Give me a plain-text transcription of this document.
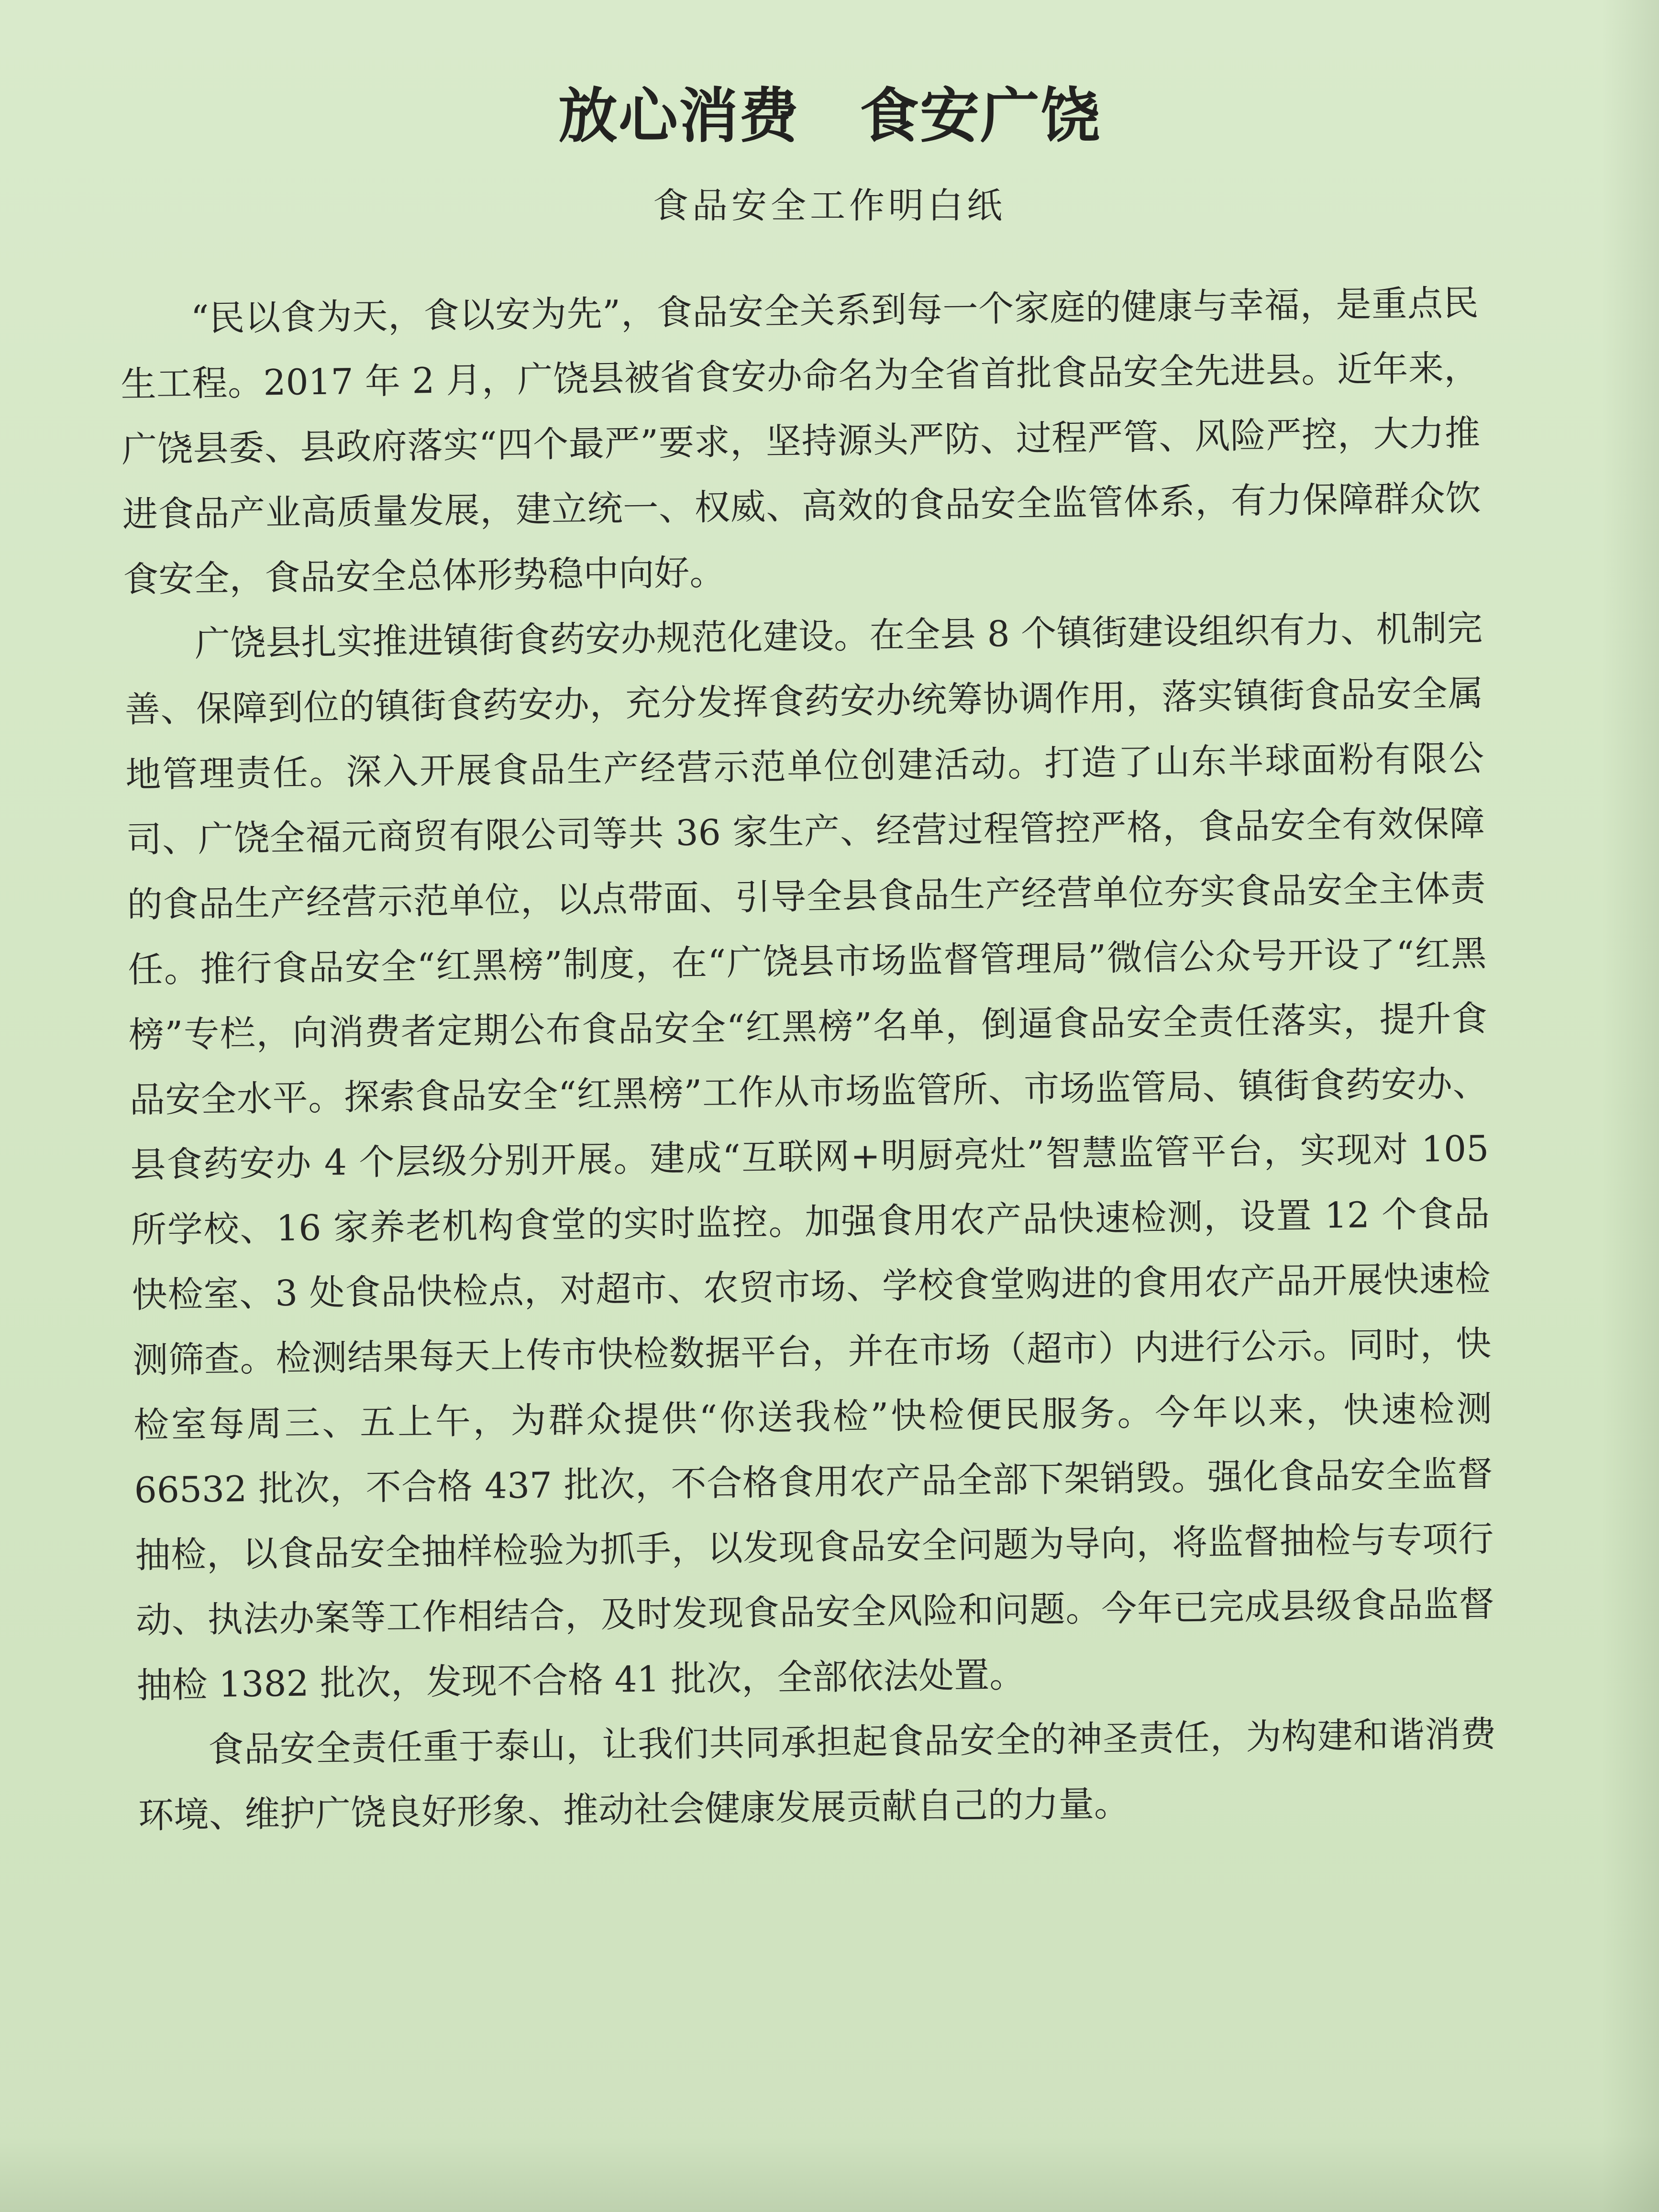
放心消费　食安广饶
食品安全工作明白纸

“民以食为天，食以安为先”，食品安全关系到每一个家庭的健康与幸福，是重点民生工程。2017 年 2 月，广饶县被省食安办命名为全省首批食品安全先进县。近年来，广饶县委、县政府落实“四个最严”要求，坚持源头严防、过程严管、风险严控，大力推进食品产业高质量发展，建立统一、权威、高效的食品安全监管体系，有力保障群众饮食安全，食品安全总体形势稳中向好。

广饶县扎实推进镇街食药安办规范化建设。在全县 8 个镇街建设组织有力、机制完善、保障到位的镇街食药安办，充分发挥食药安办统筹协调作用，落实镇街食品安全属地管理责任。深入开展食品生产经营示范单位创建活动。打造了山东半球面粉有限公司、广饶全福元商贸有限公司等共 36 家生产、经营过程管控严格，食品安全有效保障的食品生产经营示范单位，以点带面、引导全县食品生产经营单位夯实食品安全主体责任。推行食品安全“红黑榜”制度，在“广饶县市场监督管理局”微信公众号开设了“红黑榜”专栏，向消费者定期公布食品安全“红黑榜”名单，倒逼食品安全责任落实，提升食品安全水平。探索食品安全“红黑榜”工作从市场监管所、市场监管局、镇街食药安办、县食药安办 4 个层级分别开展。建成“互联网+明厨亮灶”智慧监管平台，实现对 105 所学校、16 家养老机构食堂的实时监控。加强食用农产品快速检测，设置 12 个食品快检室、3 处食品快检点，对超市、农贸市场、学校食堂购进的食用农产品开展快速检测筛查。检测结果每天上传市快检数据平台，并在市场（超市）内进行公示。同时，快检室每周三、五上午，为群众提供“你送我检”快检便民服务。今年以来，快速检测 66532 批次，不合格 437 批次，不合格食用农产品全部下架销毁。强化食品安全监督抽检，以食品安全抽样检验为抓手，以发现食品安全问题为导向，将监督抽检与专项行动、执法办案等工作相结合，及时发现食品安全风险和问题。今年已完成县级食品监督抽检 1382 批次，发现不合格 41 批次，全部依法处置。

食品安全责任重于泰山，让我们共同承担起食品安全的神圣责任，为构建和谐消费环境、维护广饶良好形象、推动社会健康发展贡献自己的力量。
